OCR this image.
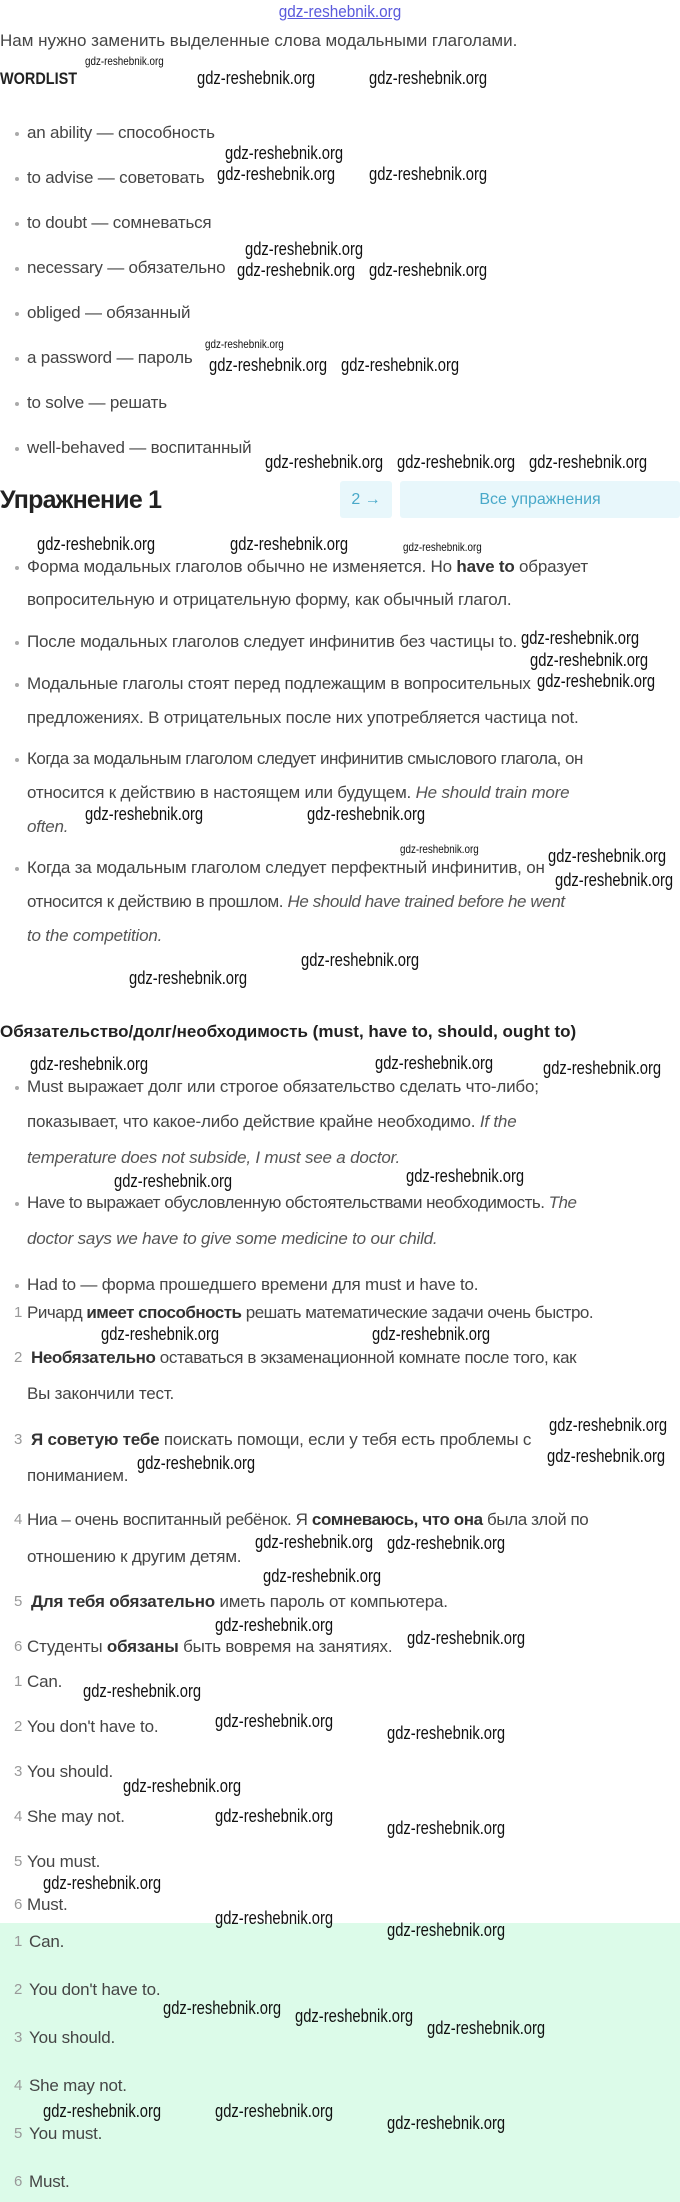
gdz-reshebnik.org
Нам нужно заменить выделенные слова модальными глаголами.
WORDLIST
an ability — способность
to advise — советовать
to doubt — сомневаться
necessary — обязательно
obliged — обязанный
a password — пароль
to solve — решать
well-behaved — воспитанный
Упражнение 1	2
→	Все упражнения
Форма модальных глаголов обычно не изменяется. Но have to образует
вопросительную и отрицательную форму, как обычный глагол.
После модальных глаголов следует инфинитив без частицы to.
Модальные глаголы стоят перед подлежащим в вопросительных
предложениях. В отрицательных после них употребляется частица not.
Когда за модальным глаголом следует инфинитив смыслового глагола, он
относится к действию в настоящем или будущем. He should train more
often.
Когда за модальным глаголом следует перфектный инфинитив, он
относится к действию в прошлом. He should have trained before he went
to the competition.
Обязательство/долг/необходимость (must, have to, should, ought to)
Must выражает долг или строгое обязательство сделать что-либо;
показывает, что какое-либо действие крайне необходимо. If the
temperature does not subside, I must see a doctor.
Have to выражает обусловленную обстоятельствами необходимость. The
doctor says we have to give some medicine to our child.
Had to — форма прошедшего времени для must и have to.
1 Ричард имеет способность решать математические задачи очень быстро.
2 Необязательно оставаться в экзаменационной комнате после того, как
Вы закончили тест.
3 Я советую тебе поискать помощи, если у тебя есть проблемы с
пониманием.
4 Ниа – очень воспитанный ребёнок. Я сомневаюсь, что она была злой по
отношению к другим детям.
5 Для тебя обязательно иметь пароль от компьютера.
6 Студенты обязаны быть вовремя на занятиях.
1 Can.
2 You don't have to.
3 You should.
4 She may not.
5 You must.
6 Must.
1 Can.
2 You don't have to.
3 You should.
4 She may not.
5 You must.
6 Must.
gdz-reshebnik.org
gdz-reshebnik.org	gdz-reshebnik.org
gdz-reshebnik.org
gdz-reshebnik.org gdz-reshebnik.org
gdz-reshebnik.org
gdz-reshebnik.org gdz-reshebnik.org
gdz-reshebnik.org
gdz-reshebnik.org gdz-reshebnik.org
gdz-reshebnik.org gdz-reshebnik.org gdz-reshebnik.org
gdz-reshebnik.org	gdz-reshebnik.org	gdz-reshebnik.org
gdz-reshebnik.org
gdz-reshebnik.org
gdz-reshebnik.org
gdz-reshebnik.org
gdz-reshebnik.org
gdz-reshebnik.org
gdz-reshebnik.org
gdz-reshebnik.org
gdz-reshebnik.org
gdz-reshebnik.org
gdz-reshebnik.org	gdz-reshebnik.org
gdz-reshebnik.org
gdz-reshebnik.org	gdz-reshebnik.org
gdz-reshebnik.org	gdz-reshebnik.org
gdz-reshebnik.org
gdz-reshebnik.org	gdz-reshebnik.org
gdz-reshebnik.org gdz-reshebnik.org
gdz-reshebnik.org
gdz-reshebnik.org
gdz-reshebnik.org
gdz-reshebnik.org
gdz-reshebnik.org
gdz-reshebnik.org
gdz-reshebnik.org
gdz-reshebnik.org
gdz-reshebnik.org
gdz-reshebnik.org
gdz-reshebnik.org
gdz-reshebnik.org
gdz-reshebnik.org gdz-reshebnik.org
gdz-reshebnik.org
gdz-reshebnik.org	gdz-reshebnik.org
gdz-reshebnik.org
